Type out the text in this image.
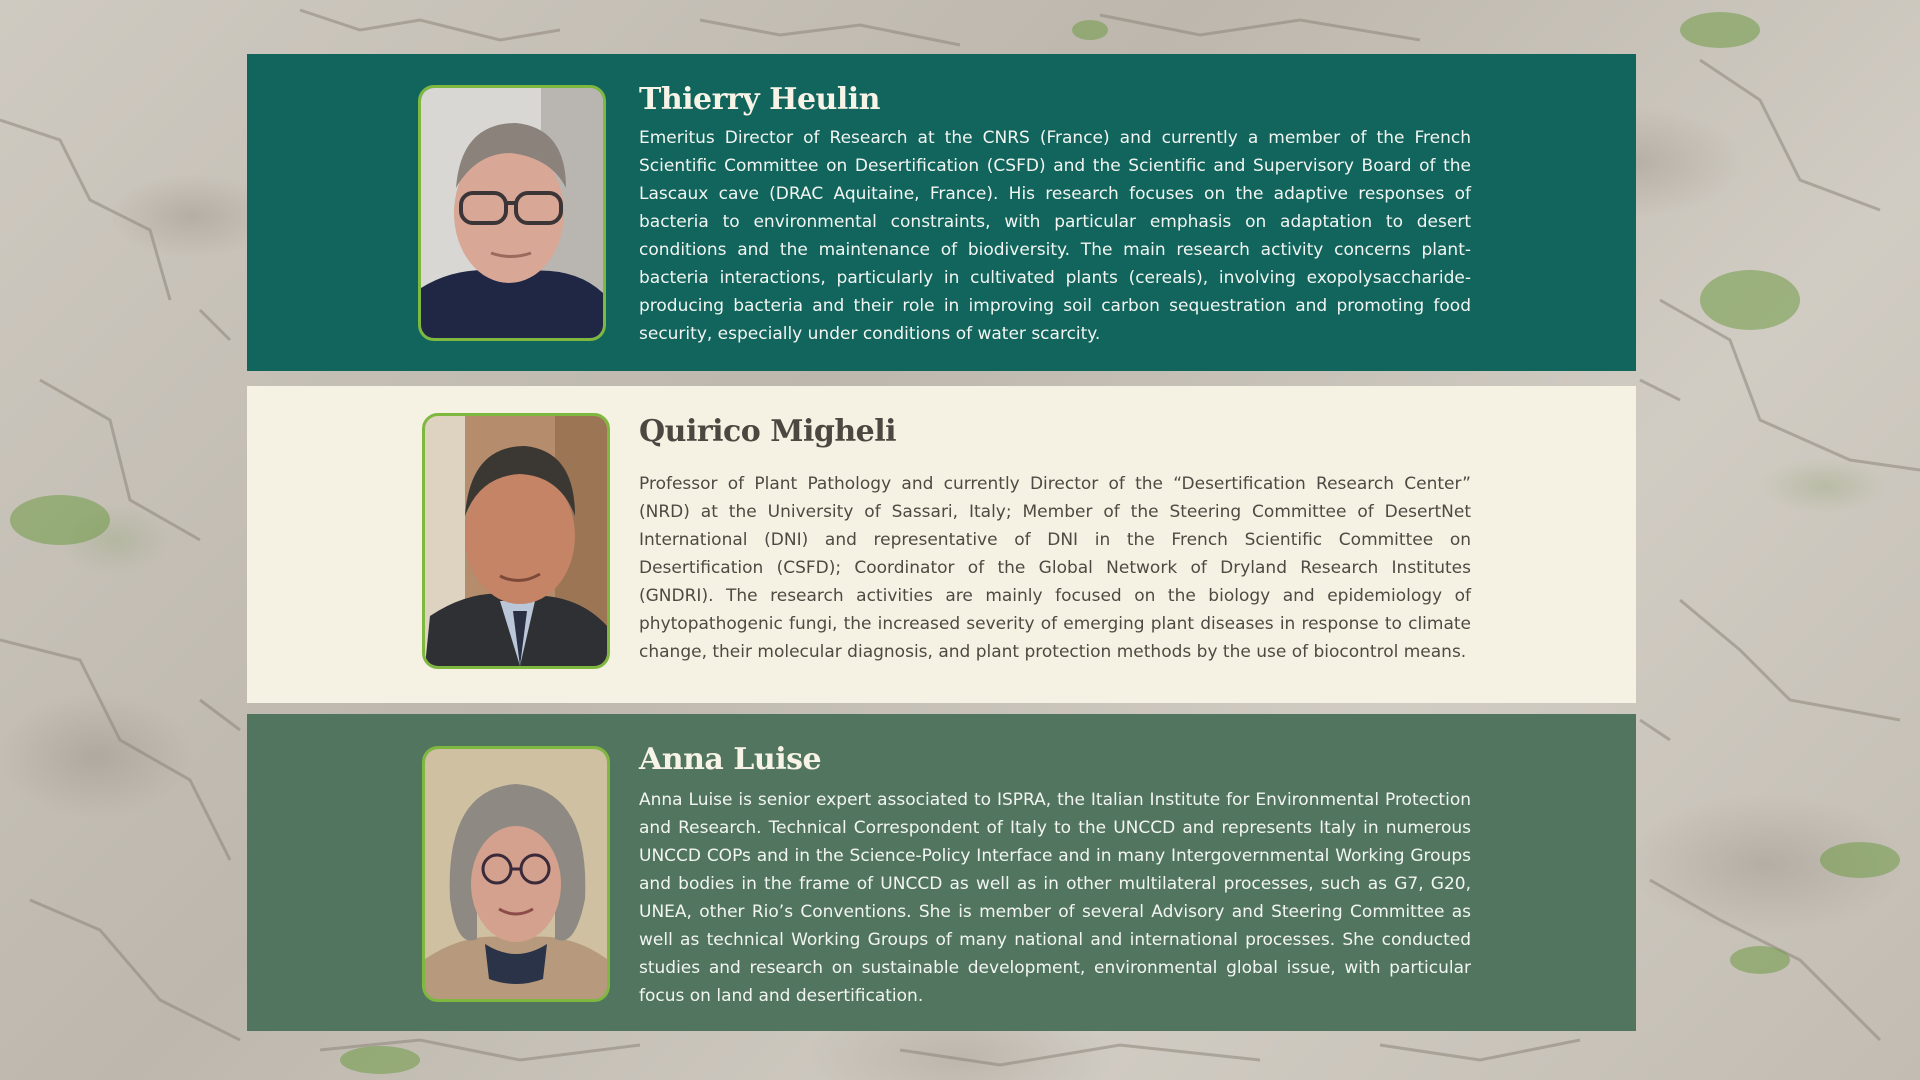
Thierry Heulin

Emeritus Director of Research at the CNRS (France) and currently a member of the French Scientific Committee on Desertification (CSFD) and the Scientific and Supervisory Board of the Lascaux cave (DRAC Aquitaine, France). His research focuses on the adaptive responses of bacteria to environmental constraints, with particular emphasis on adaptation to desert conditions and the maintenance of biodiversity. The main research activity concerns plant-bacteria interactions, particularly in cultivated plants (cereals), involving exopolysaccharide-producing bacteria and their role in improving soil carbon sequestration and promoting food security, especially under conditions of water scarcity.

Quirico Migheli

Professor of Plant Pathology and currently Director of the “Desertification Research Center” (NRD) at the University of Sassari, Italy; Member of the Steering Committee of DesertNet International (DNI) and representative of DNI in the French Scientific Committee on Desertification (CSFD); Coordinator of the Global Network of Dryland Research Institutes (GNDRI). The research activities are mainly focused on the biology and epidemiology of phytopathogenic fungi, the increased severity of emerging plant diseases in response to climate change, their molecular diagnosis, and plant protection methods by the use of biocontrol means.

Anna Luise

Anna Luise is senior expert associated to ISPRA, the Italian Institute for Environmental Protection and Research. Technical Correspondent of Italy to the UNCCD and represents Italy in numerous UNCCD COPs and in the Science-Policy Interface and in many Intergovernmental Working Groups and bodies in the frame of UNCCD as well as in other multilateral processes, such as G7, G20, UNEA, other Rio’s Conventions. She is member of several Advisory and Steering Committee as well as technical Working Groups of many national and international processes. She conducted studies and research on sustainable development, environmental global issue, with particular focus on land and desertification.
